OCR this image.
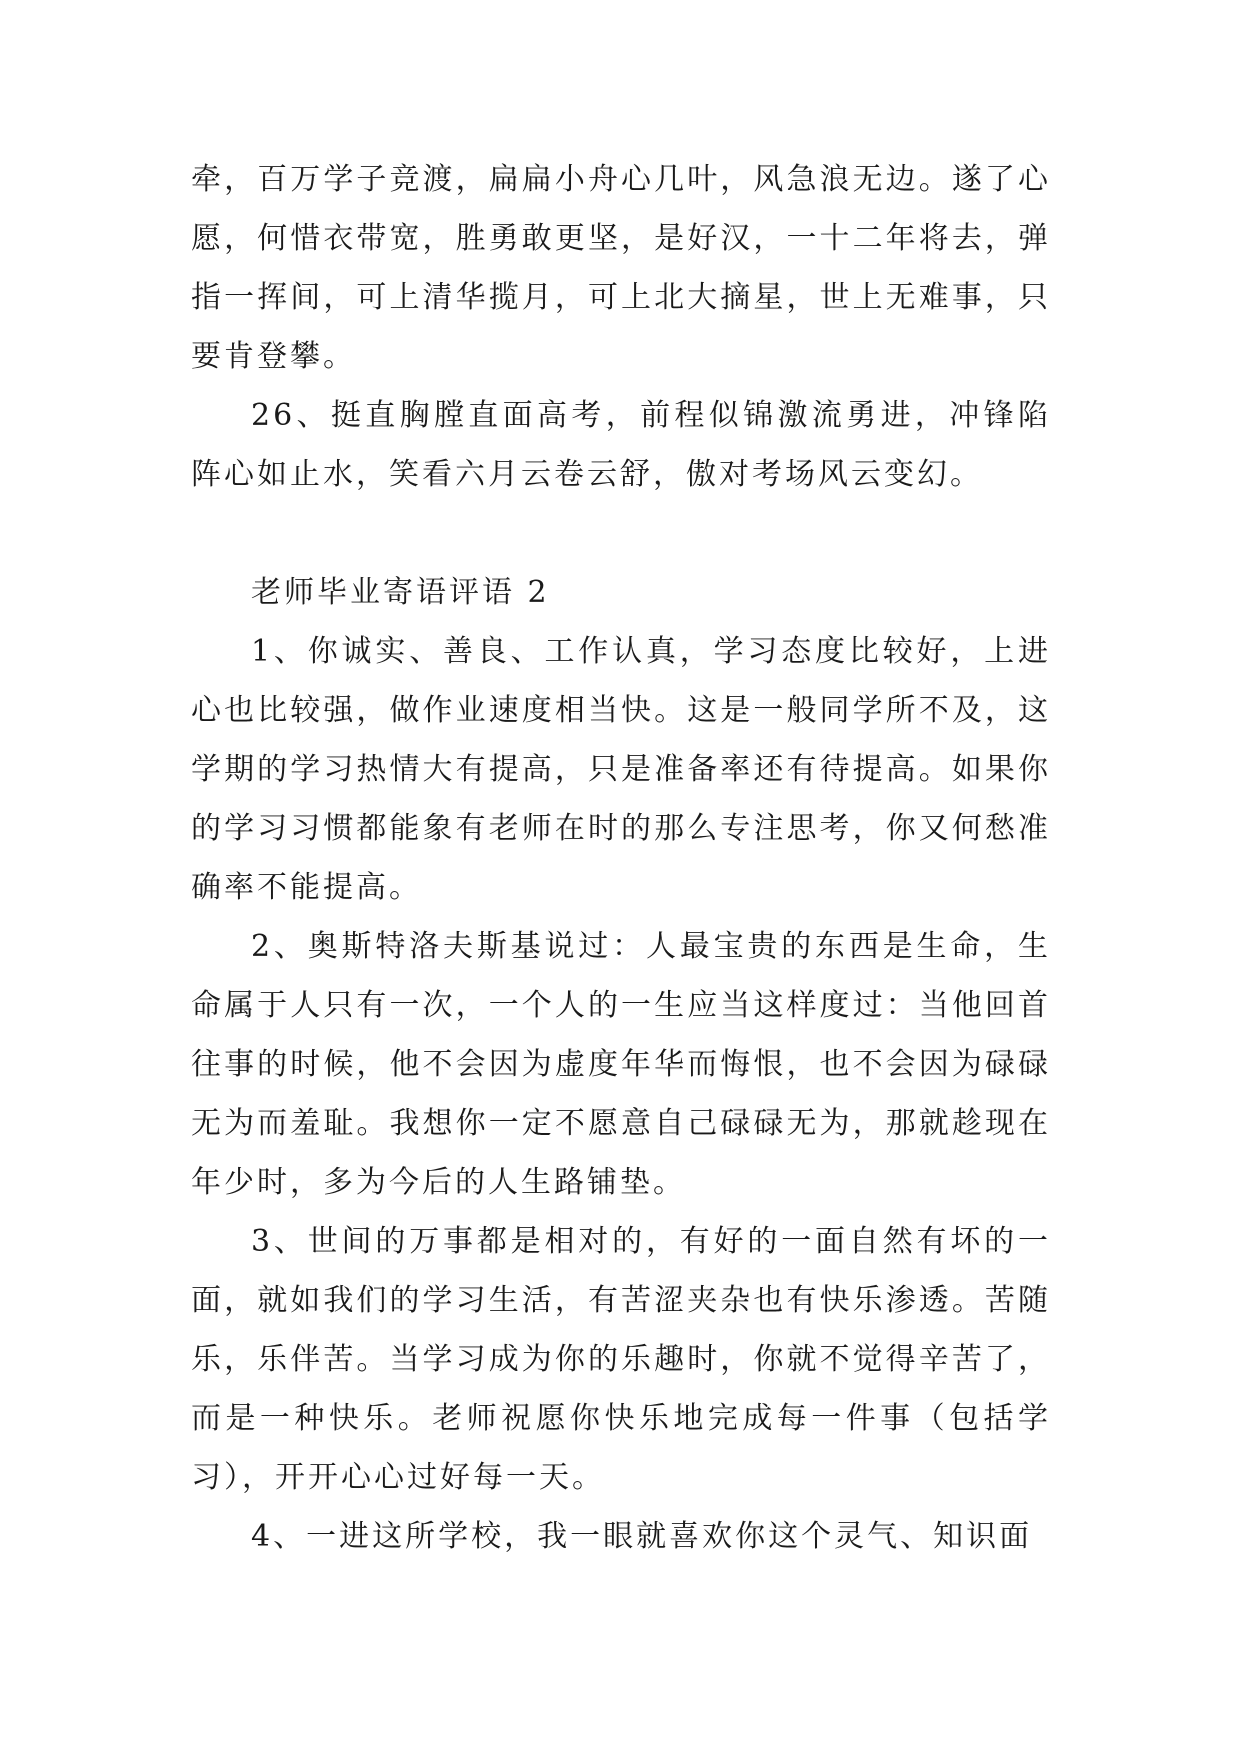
牵，百万学子竞渡，扁扁小舟心几叶，风急浪无边。遂了心愿，何惜衣带宽，胜勇敢更坚，是好汉，一十二年将去，弹指一挥间，可上清华揽月，可上北大摘星，世上无难事，只要肯登攀。

26、挺直胸膛直面高考，前程似锦激流勇进，冲锋陷阵心如止水，笑看六月云卷云舒，傲对考场风云变幻。

老师毕业寄语评语 2

1、你诚实、善良、工作认真，学习态度比较好，上进心也比较强，做作业速度相当快。这是一般同学所不及，这学期的学习热情大有提高，只是准备率还有待提高。如果你的学习习惯都能象有老师在时的那么专注思考，你又何愁准确率不能提高。

2、奥斯特洛夫斯基说过：人最宝贵的东西是生命，生命属于人只有一次，一个人的一生应当这样度过：当他回首往事的时候，他不会因为虚度年华而悔恨，也不会因为碌碌无为而羞耻。我想你一定不愿意自己碌碌无为，那就趁现在年少时，多为今后的人生路铺垫。

3、世间的万事都是相对的，有好的一面自然有坏的一面，就如我们的学习生活，有苦涩夹杂也有快乐渗透。苦随乐，乐伴苦。当学习成为你的乐趣时，你就不觉得辛苦了，而是一种快乐。老师祝愿你快乐地完成每一件事（包括学习），开开心心过好每一天。

4、一进这所学校，我一眼就喜欢你这个灵气、知识面
